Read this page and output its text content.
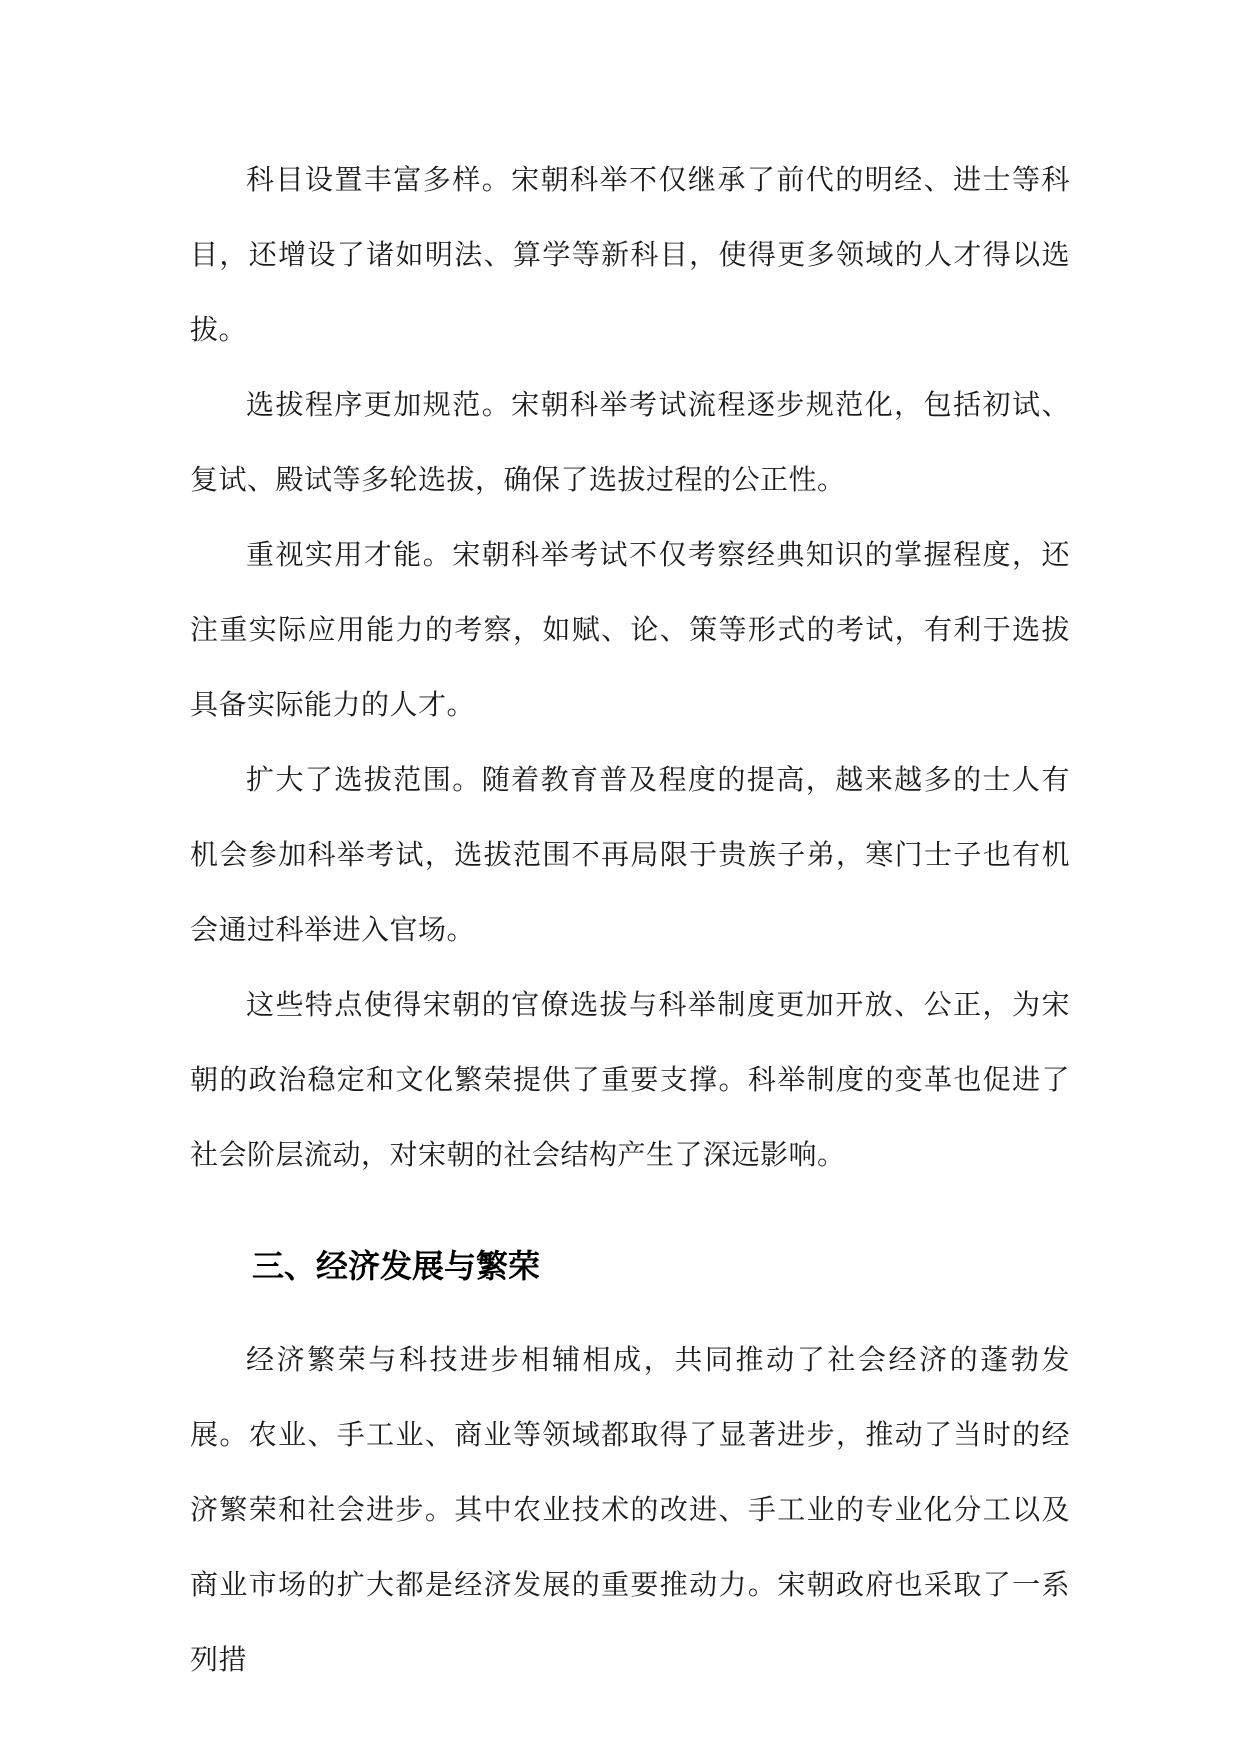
科目设置丰富多样。宋朝科举不仅继承了前代的明经、进士等科目，还增设了诸如明法、算学等新科目，使得更多领域的人才得以选拔。

选拔程序更加规范。宋朝科举考试流程逐步规范化，包括初试、复试、殿试等多轮选拔，确保了选拔过程的公正性。

重视实用才能。宋朝科举考试不仅考察经典知识的掌握程度，还注重实际应用能力的考察，如赋、论、策等形式的考试，有利于选拔具备实际能力的人才。

扩大了选拔范围。随着教育普及程度的提高，越来越多的士人有机会参加科举考试，选拔范围不再局限于贵族子弟，寒门士子也有机会通过科举进入官场。

这些特点使得宋朝的官僚选拔与科举制度更加开放、公正，为宋朝的政治稳定和文化繁荣提供了重要支撑。科举制度的变革也促进了社会阶层流动，对宋朝的社会结构产生了深远影响。

三、经济发展与繁荣

经济繁荣与科技进步相辅相成，共同推动了社会经济的蓬勃发展。农业、手工业、商业等领域都取得了显著进步，推动了当时的经济繁荣和社会进步。其中农业技术的改进、手工业的专业化分工以及商业市场的扩大都是经济发展的重要推动力。宋朝政府也采取了一系列措
